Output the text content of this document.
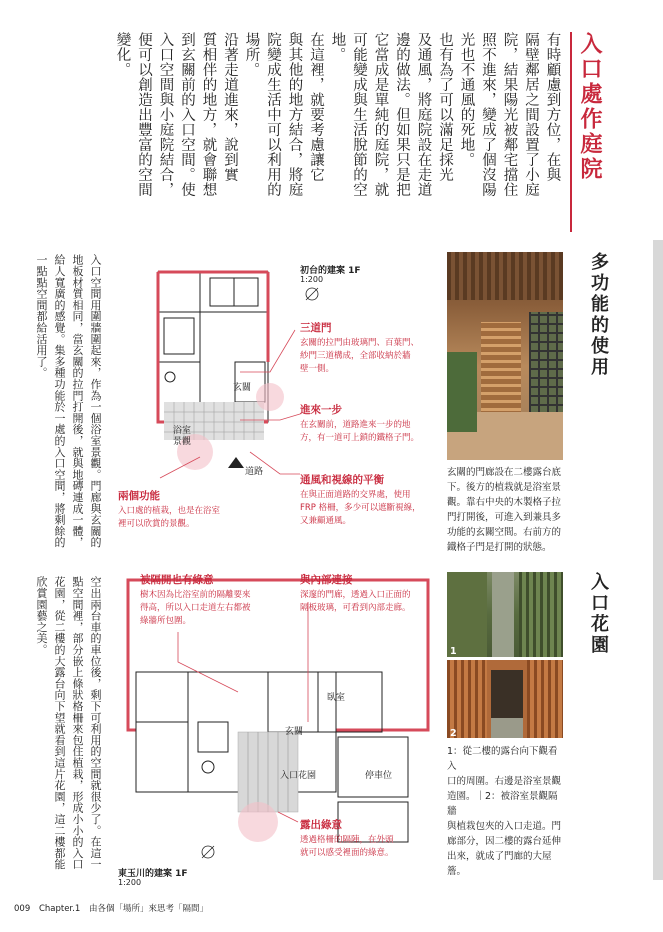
入口處作庭院
有時顧慮到方位，在與
隔壁鄰居之間設置了小庭
院，結果陽光被鄰宅擋住
照不進來，變成了個沒陽
光也不通風的死地。
也有為了可以滿足採光
及通風，將庭院設在走道
邊的做法。但如果只是把
它當成是單純的庭院，就
可能變成與生活脫節的空
地。
在這裡，就要考慮讓它
與其他的地方結合，將庭
院變成生活中可以利用的
場所。
沿著走道進來，說到實
質相伴的地方，就會聯想
到玄關前的入口空間。使
入口空間與小庭院結合，
便可以創造出豐富的空間
變化。
多功能的使用
入口空間用圍牆圍起來，作為一個浴室景觀。門廊與玄關的
地板材質相同，當玄關的拉門打開後，就與地磚連成一體，
給人寬廣的感覺。集多種功能於一處的入口空間，將剩餘的
一點點空間都給活用了。	初台的建案 1F
1:200
玄關
浴室
景觀
道路
三道門
玄關的拉門由玻璃門、百葉門、
紗門三道構成，全部收納於牆
壁一側。
進來一步
在玄關前，道路進來一步的地
方，有一道可上鎖的鐵格子門。
通風和視線的平衡
在與正面道路的交界處，使用
FRP 格柵，多少可以遮斷視線，
又兼顧通風。
兩個功能
入口處的植栽，也是在浴室
裡可以欣賞的景觀。
玄關的門廊設在二樓露台底
下。後方的植栽就是浴室景
觀。靠右中央的木製格子拉
門打開後，可進入到兼具多
功能的玄關空間。右前方的
鐵格子門是打開的狀態。
入口花園
空出兩台車的車位後，剩下可利用的空間就很少了。在這一
點空間裡，部分嵌上條狀格柵來包住植栽，形成小小的入口
花園，從二樓的大露台向下望就看到這片花園，這二樓都能
欣賞園藝之美。
東玉川的建案 1F
1:200
臥室
入口花園	停車位
玄關
被隔開也有綠意
樹木因為比浴室前的隔離要來
得高，所以入口走道左右都被
綠牆所包圍。
與內部連接
深邃的門廊，透過入口正面的
隔板玻璃，可看到內部走廊。
露出綠意
透過格柵的隔陣，在外頭
就可以感受裡面的綠意。
1
2
1：從二樓的露台向下觀看入
口的周圍。右邊是浴室景觀
造園。｜2：被浴室景觀隔牆
與植栽包夾的入口走道。門
廊部分，因二樓的露台延伸
出來，就成了門廊的大屋簷。
009 Chapter.1 由各個「場所」來思考「隔間」
